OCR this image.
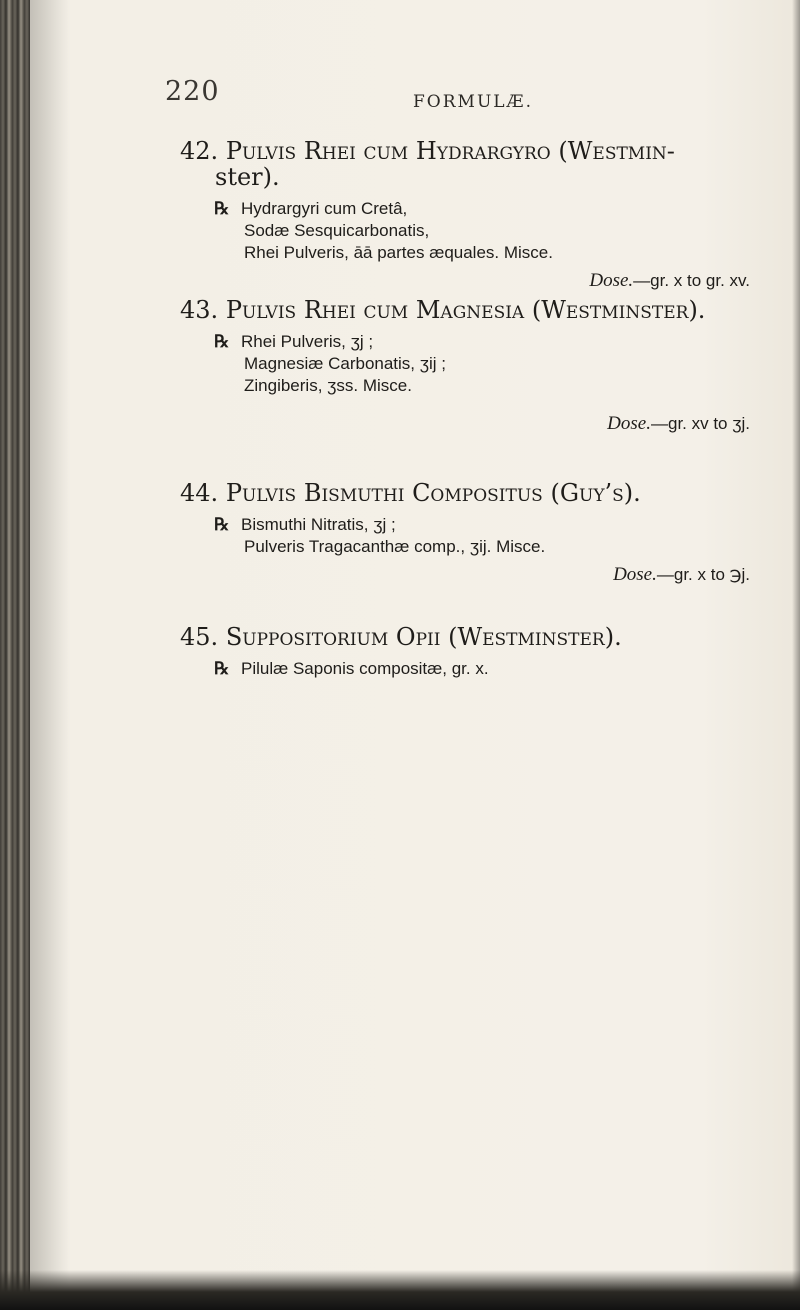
220	FORMULÆ.

42. Pulvis Rhei cum Hydrargyro (Westmin-

ster).

℞ Hydrargyri cum Cretâ,
Sodæ Sesquicarbonatis,
Rhei Pulveris, āā partes æquales. Misce.
Dose.—gr. x to gr. xv.

43. Pulvis Rhei cum Magnesia (Westminster).

℞ Rhei Pulveris, ʒj ;
Magnesiæ Carbonatis, ʒij ;
Zingiberis, ʒss. Misce.
Dose.—gr. xv to ʒj.

44. Pulvis Bismuthi Compositus (Guy’s).

℞ Bismuthi Nitratis, ʒj ;
Pulveris Tragacanthæ comp., ʒij. Misce.
Dose.—gr. x to ℈j.

45. Suppositorium Opii (Westminster).

℞ Pilulæ Saponis compositæ, gr. x.
